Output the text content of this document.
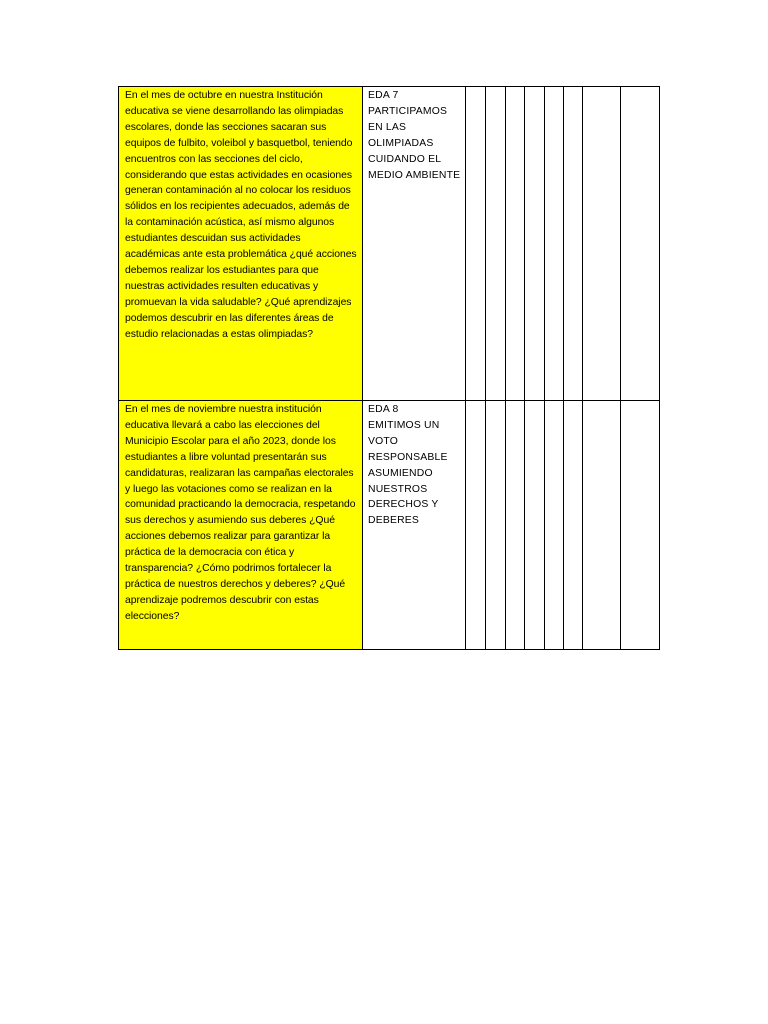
En el mes de octubre en nuestra Institución educativa se viene desarrollando las olimpiadas escolares, donde las secciones sacaran sus equipos de fulbito, voleibol y basquetbol, teniendo encuentros con las secciones del ciclo, considerando que estas actividades en ocasiones generan contaminación al no colocar los residuos sólidos en los recipientes adecuados, además de la contaminación acústica, así mismo algunos estudiantes descuidan sus actividades académicas ante esta problemática ¿qué acciones debemos realizar los estudiantes para que nuestras actividades resulten educativas y promuevan la vida saludable? ¿Qué aprendizajes podemos descubrir en las diferentes áreas de estudio relacionadas a estas olimpiadas?	EDA 7
PARTICIPAMOS EN LAS OLIMPIADAS CUIDANDO EL MEDIO AMBIENTE								

En el mes de noviembre nuestra institución educativa llevará a cabo las elecciones del Municipio Escolar para el año 2023, donde los estudiantes a libre voluntad presentarán sus candidaturas, realizaran las campañas electorales y luego las votaciones como se realizan en la comunidad practicando la democracia, respetando sus derechos y asumiendo sus deberes ¿Qué acciones debemos realizar para garantizar la práctica de la democracia con ética y transparencia? ¿Cómo podrimos fortalecer la práctica de nuestros derechos y deberes? ¿Qué aprendizaje podremos descubrir con estas elecciones?	EDA 8
EMITIMOS UN VOTO RESPONSABLE ASUMIENDO NUESTROS DERECHOS Y DEBERES								
